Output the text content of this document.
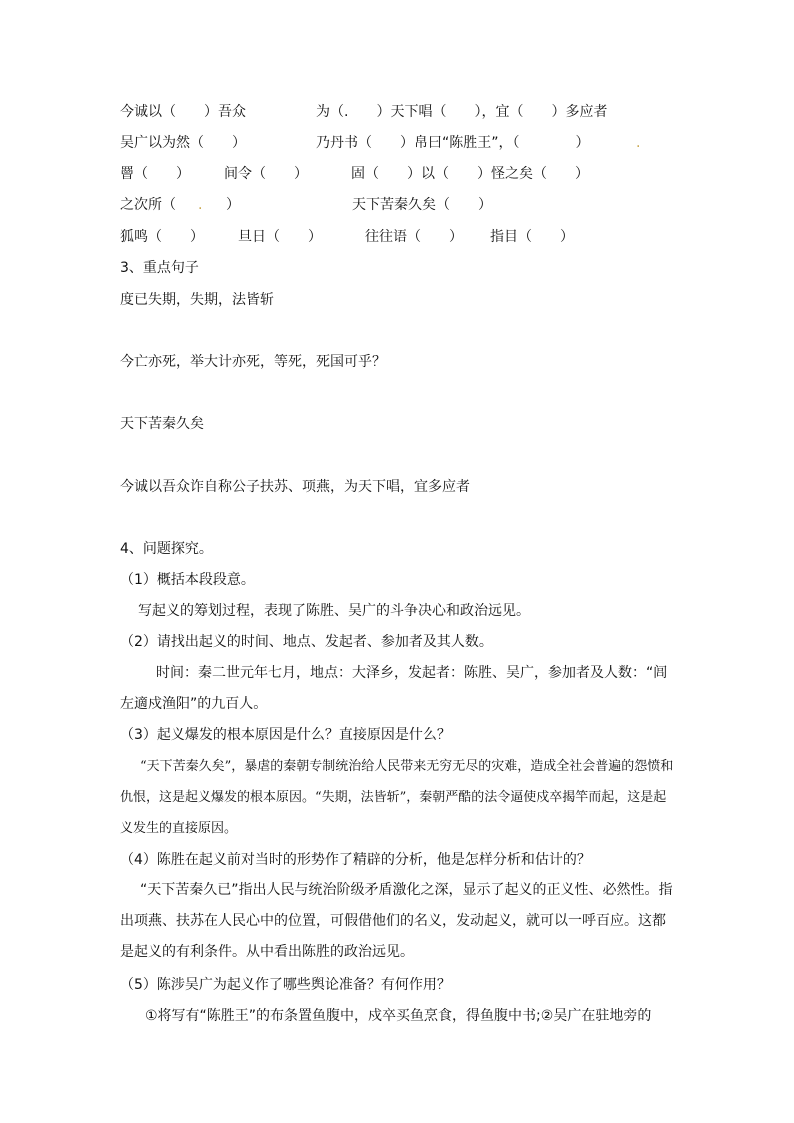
今诚以（　　）吾众	为（.　　）天下唱（　　），宜（　　）多应者
吴广以为然（　　）	乃丹书（　　）帛曰“陈胜王”，（　　　　）	.
罾（　　） 间令（　　）	固（　　）以（　　）怪之矣（　　）
之次所（　 . 　）	天下苦秦久矣（　　）
狐鸣（　　） 旦日（　　）	往往语（　　） 指目（　　）
3、重点句子
度已失期，失期，法皆斩
今亡亦死，举大计亦死，等死，死国可乎？
天下苦秦久矣
今诚以吾众诈自称公子扶苏、项燕，为天下唱，宜多应者
4、问题探究。
（1）概括本段段意。
写起义的筹划过程，表现了陈胜、吴广的斗争决心和政治远见。
（2）请找出起义的时间、地点、发起者、参加者及其人数。
时间：秦二世元年七月，地点：大泽乡，发起者：陈胜、吴广，参加者及人数：“闾左適戍渔阳”的九百人。
（3）起义爆发的根本原因是什么？直接原因是什么？
“天下苦秦久矣”，暴虐的秦朝专制统治给人民带来无穷无尽的灾难，造成全社会普遍的怨愤和仇恨，这是起义爆发的根本原因。“失期，法皆斩”，秦朝严酷的法令逼使戍卒揭竿而起，这是起义发生的直接原因。
（4）陈胜在起义前对当时的形势作了精辟的分析，他是怎样分析和估计的？
“天下苦秦久已”指出人民与统治阶级矛盾激化之深，显示了起义的正义性、必然性。指出项燕、扶苏在人民心中的位置，可假借他们的名义，发动起义，就可以一呼百应。这都是起义的有利条件。从中看出陈胜的政治远见。
（5）陈涉吴广为起义作了哪些舆论准备？有何作用？
①将写有“陈胜王”的布条置鱼腹中，戍卒买鱼烹食，得鱼腹中书;②吴广在驻地旁的
